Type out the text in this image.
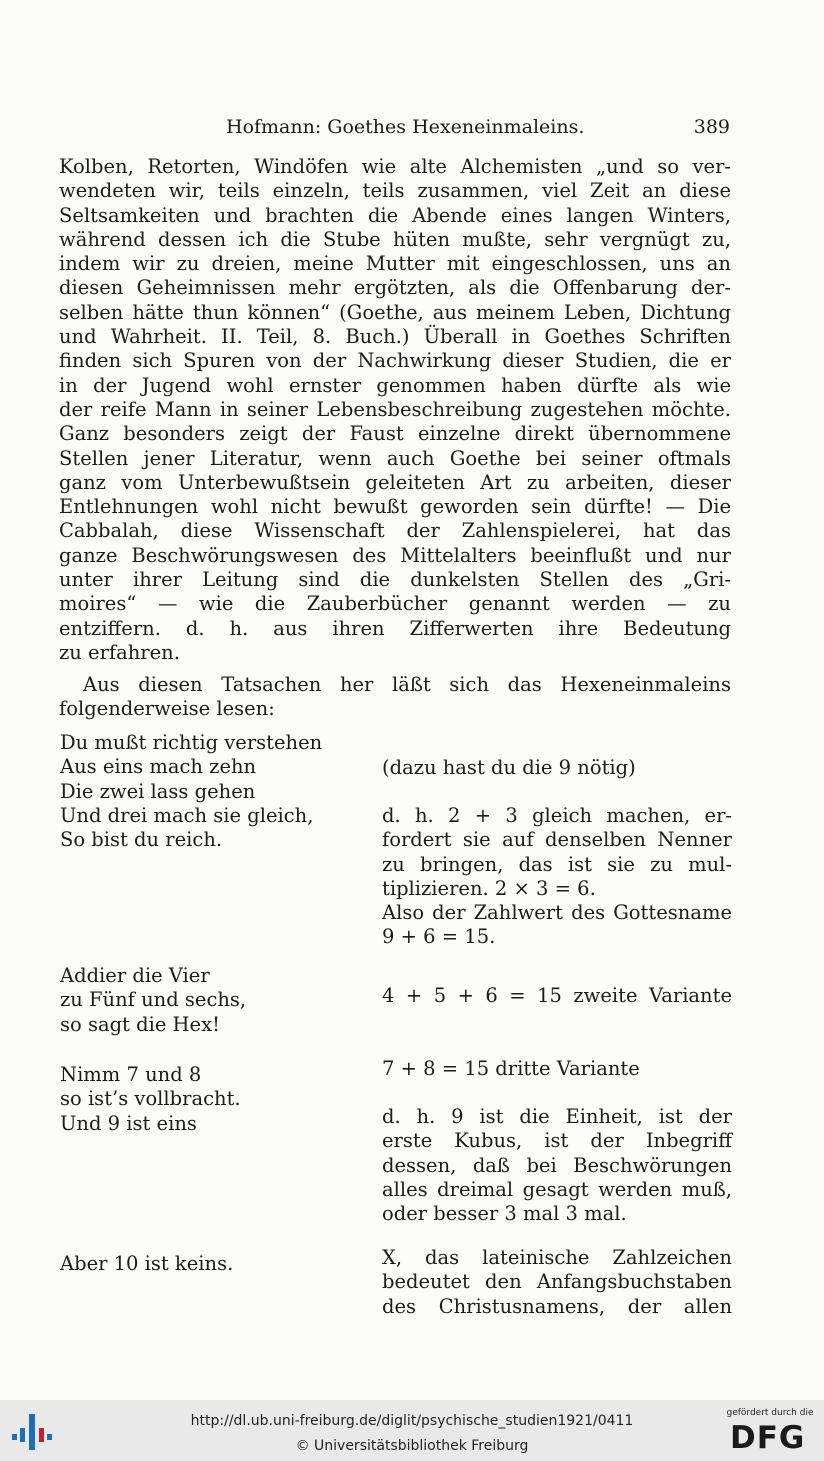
Hofmann: Goethes Hexeneinmaleins.	389
Kolben, Retorten, Windöfen wie alte Alchemisten „und so ver-
wendeten wir, teils einzeln, teils zusammen, viel Zeit an diese
Seltsamkeiten und brachten die Abende eines langen Winters,
während dessen ich die Stube hüten mußte, sehr vergnügt zu,
indem wir zu dreien, meine Mutter mit eingeschlossen, uns an
diesen Geheimnissen mehr ergötzten, als die Offenbarung der-
selben hätte thun können“ (Goethe, aus meinem Leben, Dichtung
und Wahrheit. II. Teil, 8. Buch.) Überall in Goethes Schriften
finden sich Spuren von der Nachwirkung dieser Studien, die er
in der Jugend wohl ernster genommen haben dürfte als wie
der reife Mann in seiner Lebensbeschreibung zugestehen möchte.
Ganz besonders zeigt der Faust einzelne direkt übernommene
Stellen jener Literatur, wenn auch Goethe bei seiner oftmals
ganz vom Unterbewußtsein geleiteten Art zu arbeiten, dieser
Entlehnungen wohl nicht bewußt geworden sein dürfte! — Die
Cabbalah, diese Wissenschaft der Zahlenspielerei, hat das
ganze Beschwörungswesen des Mittelalters beeinflußt und nur
unter ihrer Leitung sind die dunkelsten Stellen des „Gri-
moires“ — wie die Zauberbücher genannt werden — zu
entziffern. d. h. aus ihren Zifferwerten ihre Bedeutung
zu erfahren.
Aus diesen Tatsachen her läßt sich das Hexeneinmaleins
folgenderweise lesen:
Du mußt richtig verstehen
Aus eins mach zehn
Die zwei lass gehen
Und drei mach sie gleich,
So bist du reich.
(dazu hast du die 9 nötig)
d. h. 2 + 3 gleich machen, er-
fordert sie auf denselben Nenner
zu bringen, das ist sie zu mul-
tiplizieren. 2 × 3 = 6.
Also der Zahlwert des Gottesname
9 + 6 = 15.
Addier die Vier
zu Fünf und sechs,
so sagt die Hex!
4 + 5 + 6 = 15 zweite Variante
Nimm 7 und 8
so ist’s vollbracht.
Und 9 ist eins
7 + 8 = 15 dritte Variante
d. h. 9 ist die Einheit, ist der
erste Kubus, ist der Inbegriff
dessen, daß bei Beschwörungen
alles dreimal gesagt werden muß,
oder besser 3 mal 3 mal.
Aber 10 ist keins.	X, das lateinische Zahlzeichen
bedeutet den Anfangsbuchstaben
des Christusnamens, der allen
http://dl.ub.uni-freiburg.de/diglit/psychische_studien1921/0411
© Universitätsbibliothek Freiburg
gefördert durch die
DFG
